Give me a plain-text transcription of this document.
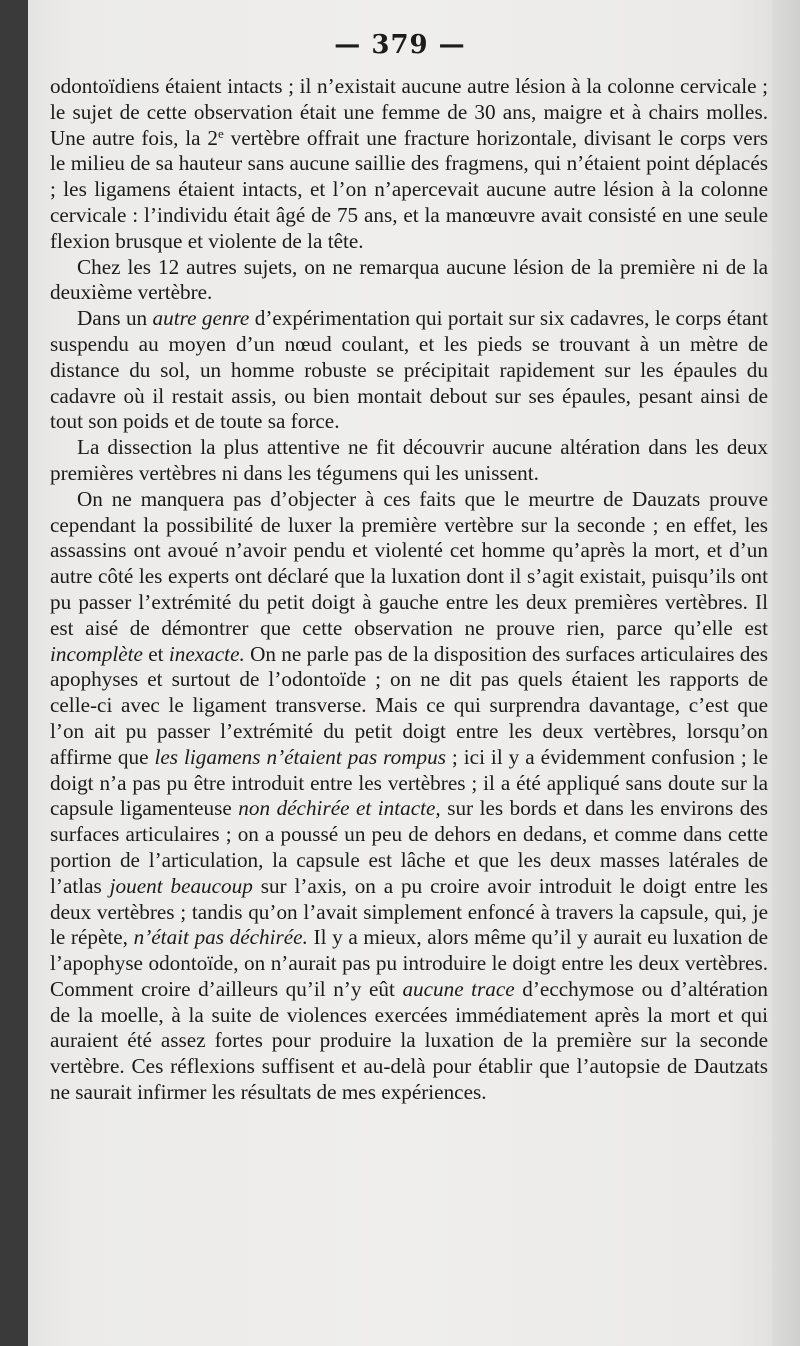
— 379 —

odontoïdiens étaient intacts ; il n’existait aucune autre lésion à la colonne cervicale ; le sujet de cette observation était une femme de 30 ans, maigre et à chairs molles. Une autre fois, la 2e vertèbre offrait une fracture horizontale, divisant le corps vers le milieu de sa hauteur sans aucune saillie des fragmens, qui n’étaient point déplacés ; les ligamens étaient intacts, et l’on n’apercevait aucune autre lésion à la colonne cervicale : l’individu était âgé de 75 ans, et la manœuvre avait consisté en une seule flexion brusque et violente de la tête.

Chez les 12 autres sujets, on ne remarqua aucune lésion de la première ni de la deuxième vertèbre.

Dans un autre genre d’expérimentation qui portait sur six cadavres, le corps étant suspendu au moyen d’un nœud coulant, et les pieds se trouvant à un mètre de distance du sol, un homme robuste se précipitait rapidement sur les épaules du cadavre où il restait assis, ou bien montait debout sur ses épaules, pesant ainsi de tout son poids et de toute sa force.

La dissection la plus attentive ne fit découvrir aucune altération dans les deux premières vertèbres ni dans les tégumens qui les unissent.

On ne manquera pas d’objecter à ces faits que le meurtre de Dauzats prouve cependant la possibilité de luxer la première vertèbre sur la seconde ; en effet, les assassins ont avoué n’avoir pendu et violenté cet homme qu’après la mort, et d’un autre côté les experts ont déclaré que la luxation dont il s’agit existait, puisqu’ils ont pu passer l’extrémité du petit doigt à gauche entre les deux premières vertèbres. Il est aisé de démontrer que cette observation ne prouve rien, parce qu’elle est incomplète et inexacte. On ne parle pas de la disposition des surfaces articulaires des apophyses et surtout de l’odontoïde ; on ne dit pas quels étaient les rapports de celle-ci avec le ligament transverse. Mais ce qui surprendra davantage, c’est que l’on ait pu passer l’extrémité du petit doigt entre les deux vertèbres, lorsqu’on affirme que les ligamens n’étaient pas rompus ; ici il y a évidemment confusion ; le doigt n’a pas pu être introduit entre les vertèbres ; il a été appliqué sans doute sur la capsule ligamenteuse non déchirée et intacte, sur les bords et dans les environs des surfaces articulaires ; on a poussé un peu de dehors en dedans, et comme dans cette portion de l’articulation, la capsule est lâche et que les deux masses latérales de l’atlas jouent beaucoup sur l’axis, on a pu croire avoir introduit le doigt entre les deux vertèbres ; tandis qu’on l’avait simplement enfoncé à travers la capsule, qui, je le répète, n’était pas déchirée. Il y a mieux, alors même qu’il y aurait eu luxation de l’apophyse odontoïde, on n’aurait pas pu introduire le doigt entre les deux vertèbres. Comment croire d’ailleurs qu’il n’y eût aucune trace d’ecchymose ou d’altération de la moelle, à la suite de violences exercées immédiatement après la mort et qui auraient été assez fortes pour produire la luxation de la première sur la seconde vertèbre. Ces réflexions suffisent et au-delà pour établir que l’autopsie de Dautzats ne saurait infirmer les résultats de mes expériences.
